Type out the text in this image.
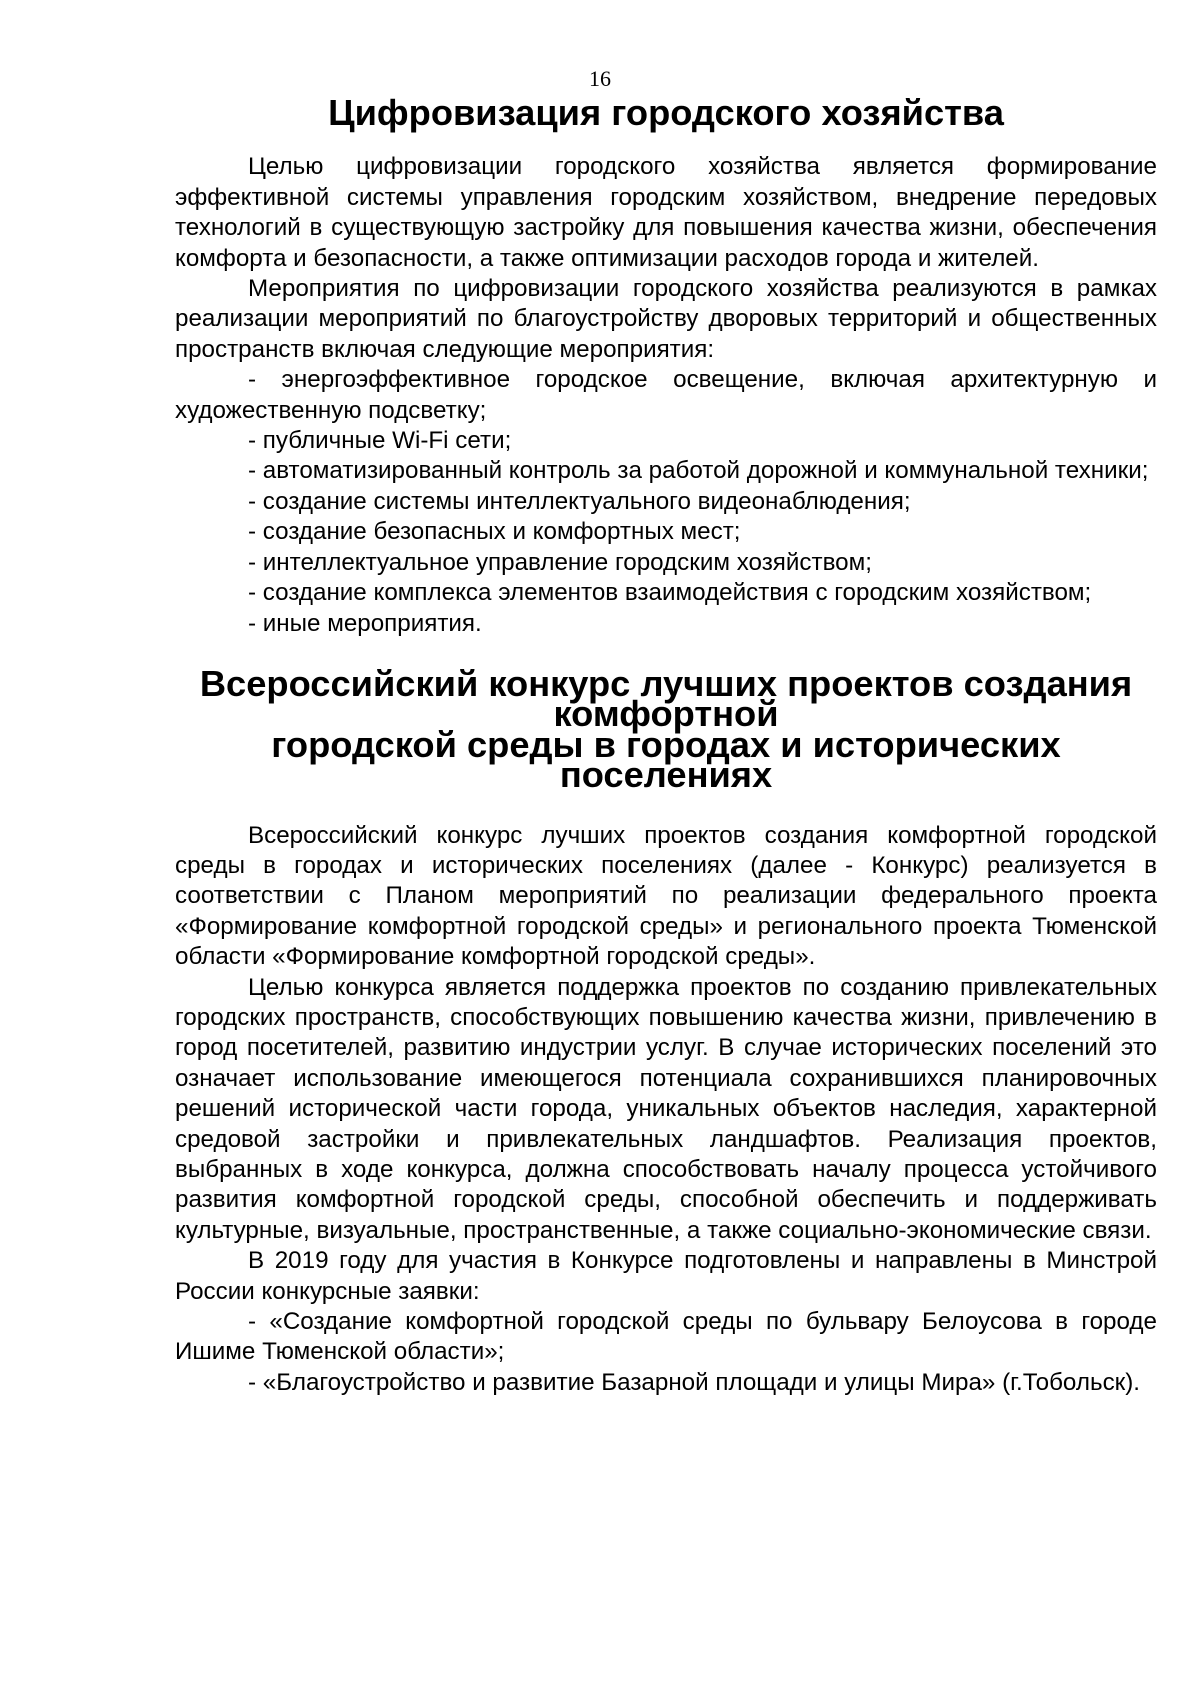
16
Цифровизация городского хозяйства

Целью цифровизации городского хозяйства является формирование эффективной системы управления городским хозяйством, внедрение передовых технологий в существующую застройку для повышения качества жизни, обеспечения комфорта и безопасности, а также оптимизации расходов города и жителей.

Мероприятия по цифровизации городского хозяйства реализуются в рамках реализации мероприятий по благоустройству дворовых территорий и общественных пространств включая следующие мероприятия:

- энергоэффективное городское освещение, включая архитектурную и художественную подсветку;

- публичные Wi-Fi сети;

- автоматизированный контроль за работой дорожной и коммунальной техники;

- создание системы интеллектуального видеонаблюдения;

- создание безопасных и комфортных мест;

- интеллектуальное управление городским хозяйством;

- создание комплекса элементов взаимодействия с городским хозяйством;

- иные мероприятия.

Всероссийский конкурс лучших проектов создания комфортной
городской среды в городах и исторических поселениях

Всероссийский конкурс лучших проектов создания комфортной городской среды в городах и исторических поселениях (далее - Конкурс) реализуется в соответствии с Планом мероприятий по реализации федерального проекта «Формирование комфортной городской среды» и регионального проекта Тюменской области «Формирование комфортной городской среды».

Целью конкурса является поддержка проектов по созданию привлекательных городских пространств, способствующих повышению качества жизни, привлечению в город посетителей, развитию индустрии услуг. В случае исторических поселений это означает использование имеющегося потенциала сохранившихся планировочных решений исторической части города, уникальных объектов наследия, характерной средовой застройки и привлекательных ландшафтов. Реализация проектов, выбранных в ходе конкурса, должна способствовать началу процесса устойчивого развития комфортной городской среды, способной обеспечить и поддерживать культурные, визуальные, пространственные, а также социально-экономические связи.

В 2019 году для участия в Конкурсе подготовлены и направлены в Минстрой России конкурсные заявки:

- «Создание комфортной городской среды по бульвару Белоусова в городе Ишиме Тюменской области»;

- «Благоустройство и развитие Базарной площади и улицы Мира» (г.Тобольск).
